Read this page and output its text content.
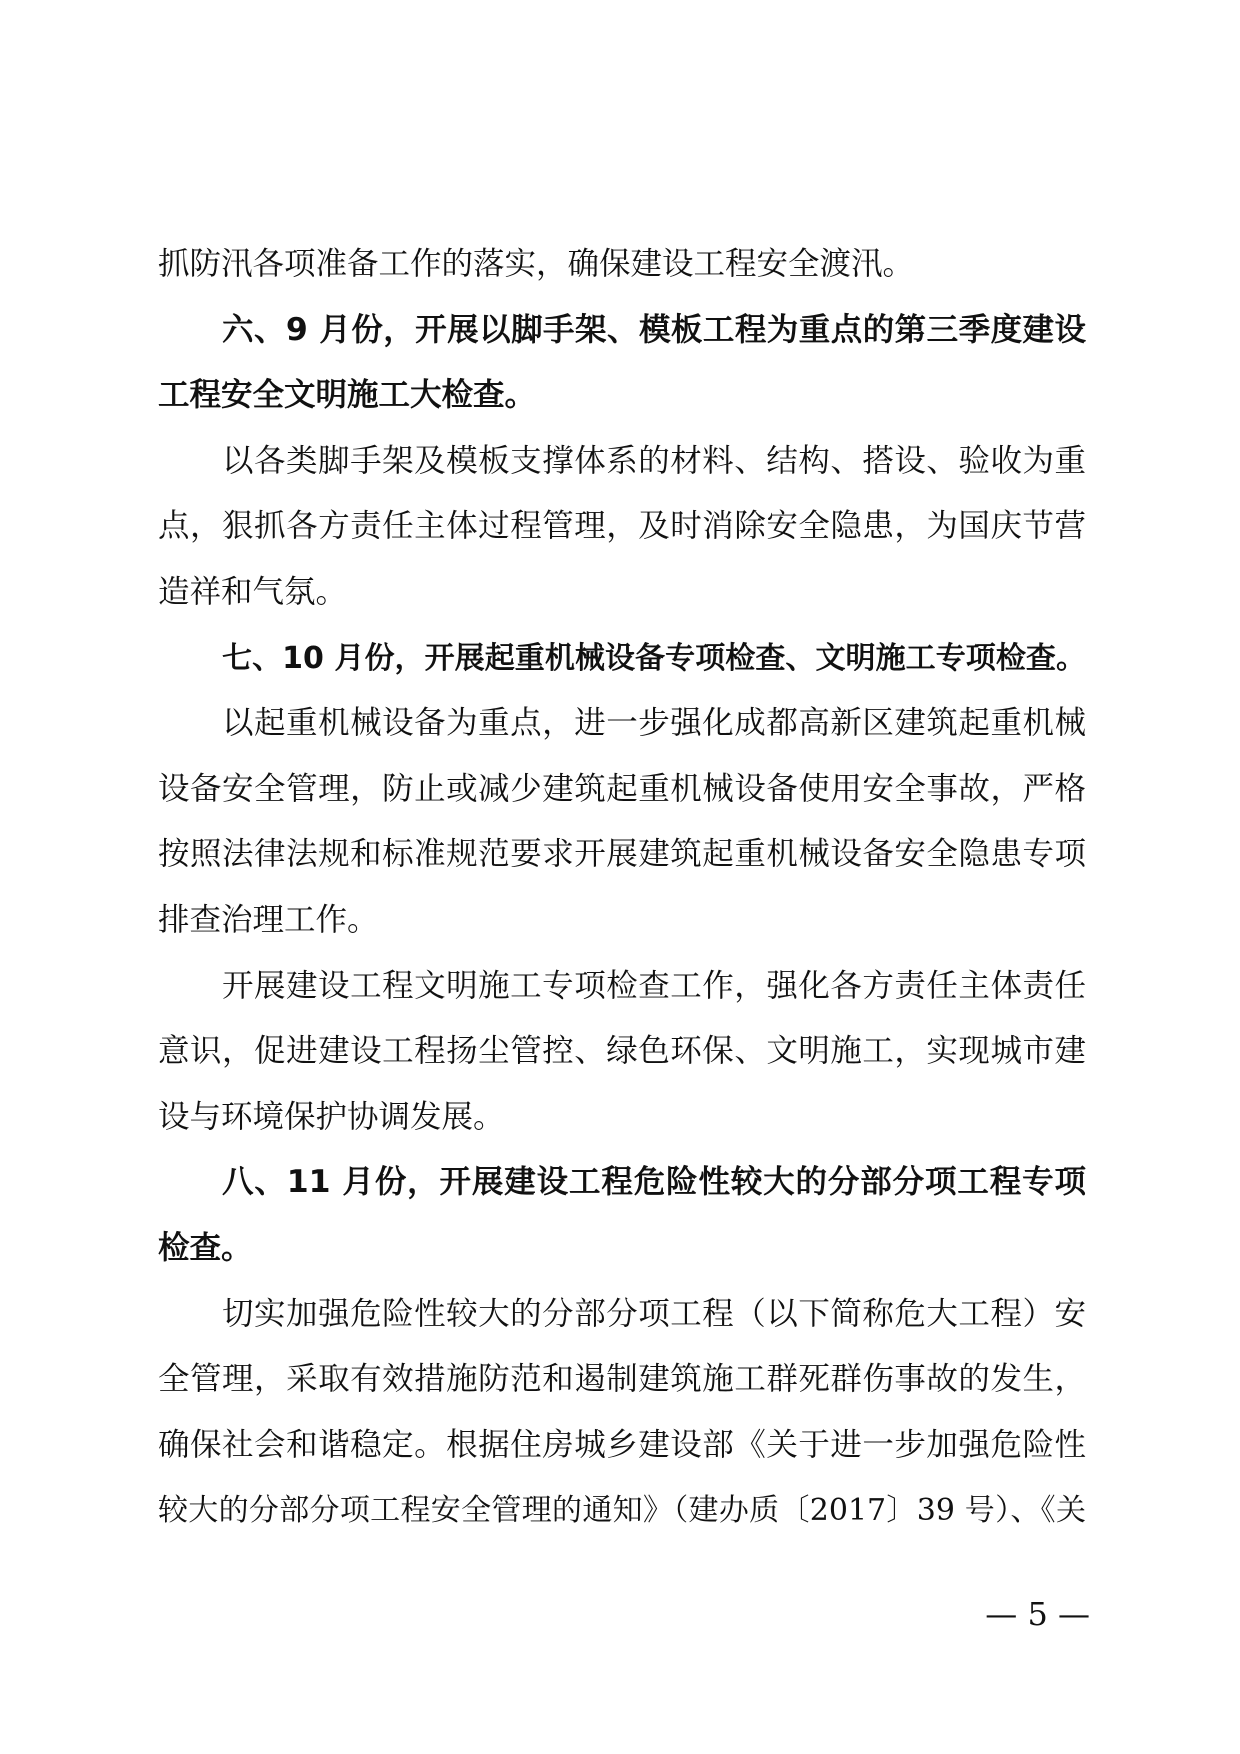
抓防汛各项准备工作的落实，确保建设工程安全渡汛。
六、9 月份，开展以脚手架、模板工程为重点的第三季度建设
工程安全文明施工大检查。
以各类脚手架及模板支撑体系的材料、结构、搭设、验收为重
点，狠抓各方责任主体过程管理，及时消除安全隐患，为国庆节营
造祥和气氛。
七、10 月份，开展起重机械设备专项检查、文明施工专项检查。
以起重机械设备为重点，进一步强化成都高新区建筑起重机械
设备安全管理，防止或减少建筑起重机械设备使用安全事故，严格
按照法律法规和标准规范要求开展建筑起重机械设备安全隐患专项
排查治理工作。
开展建设工程文明施工专项检查工作，强化各方责任主体责任
意识，促进建设工程扬尘管控、绿色环保、文明施工，实现城市建
设与环境保护协调发展。
八、11 月份，开展建设工程危险性较大的分部分项工程专项
检查。
切实加强危险性较大的分部分项工程（以下简称危大工程）安
全管理，采取有效措施防范和遏制建筑施工群死群伤事故的发生，
确保社会和谐稳定。根据住房城乡建设部《关于进一步加强危险性
较大的分部分项工程安全管理的通知》（建办质〔2017〕39 号）、《关
— 5 —
